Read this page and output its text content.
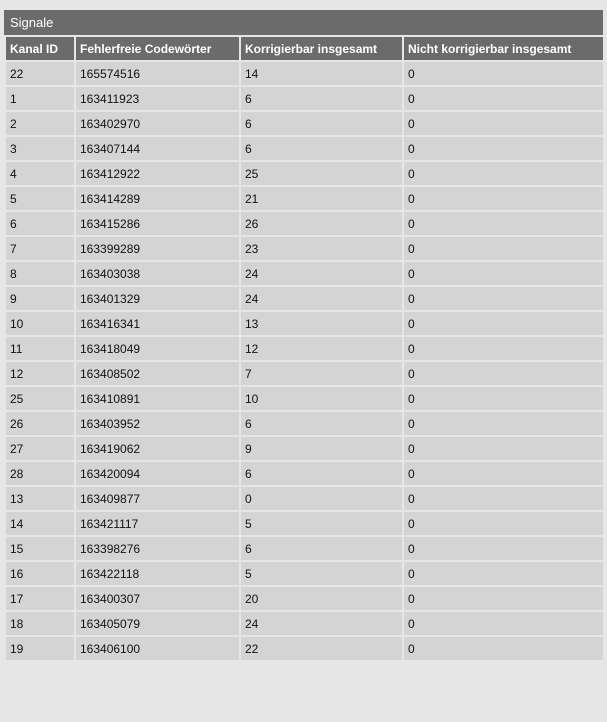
Signale
Kanal ID	Fehlerfreie Codewörter	Korrigierbar insgesamt	Nicht korrigierbar insgesamt
22	165574516	14	0
1	163411923	6	0
2	163402970	6	0
3	163407144	6	0
4	163412922	25	0
5	163414289	21	0
6	163415286	26	0
7	163399289	23	0
8	163403038	24	0
9	163401329	24	0
10	163416341	13	0
11	163418049	12	0
12	163408502	7	0
25	163410891	10	0
26	163403952	6	0
27	163419062	9	0
28	163420094	6	0
13	163409877	0	0
14	163421117	5	0
15	163398276	6	0
16	163422118	5	0
17	163400307	20	0
18	163405079	24	0
19	163406100	22	0
